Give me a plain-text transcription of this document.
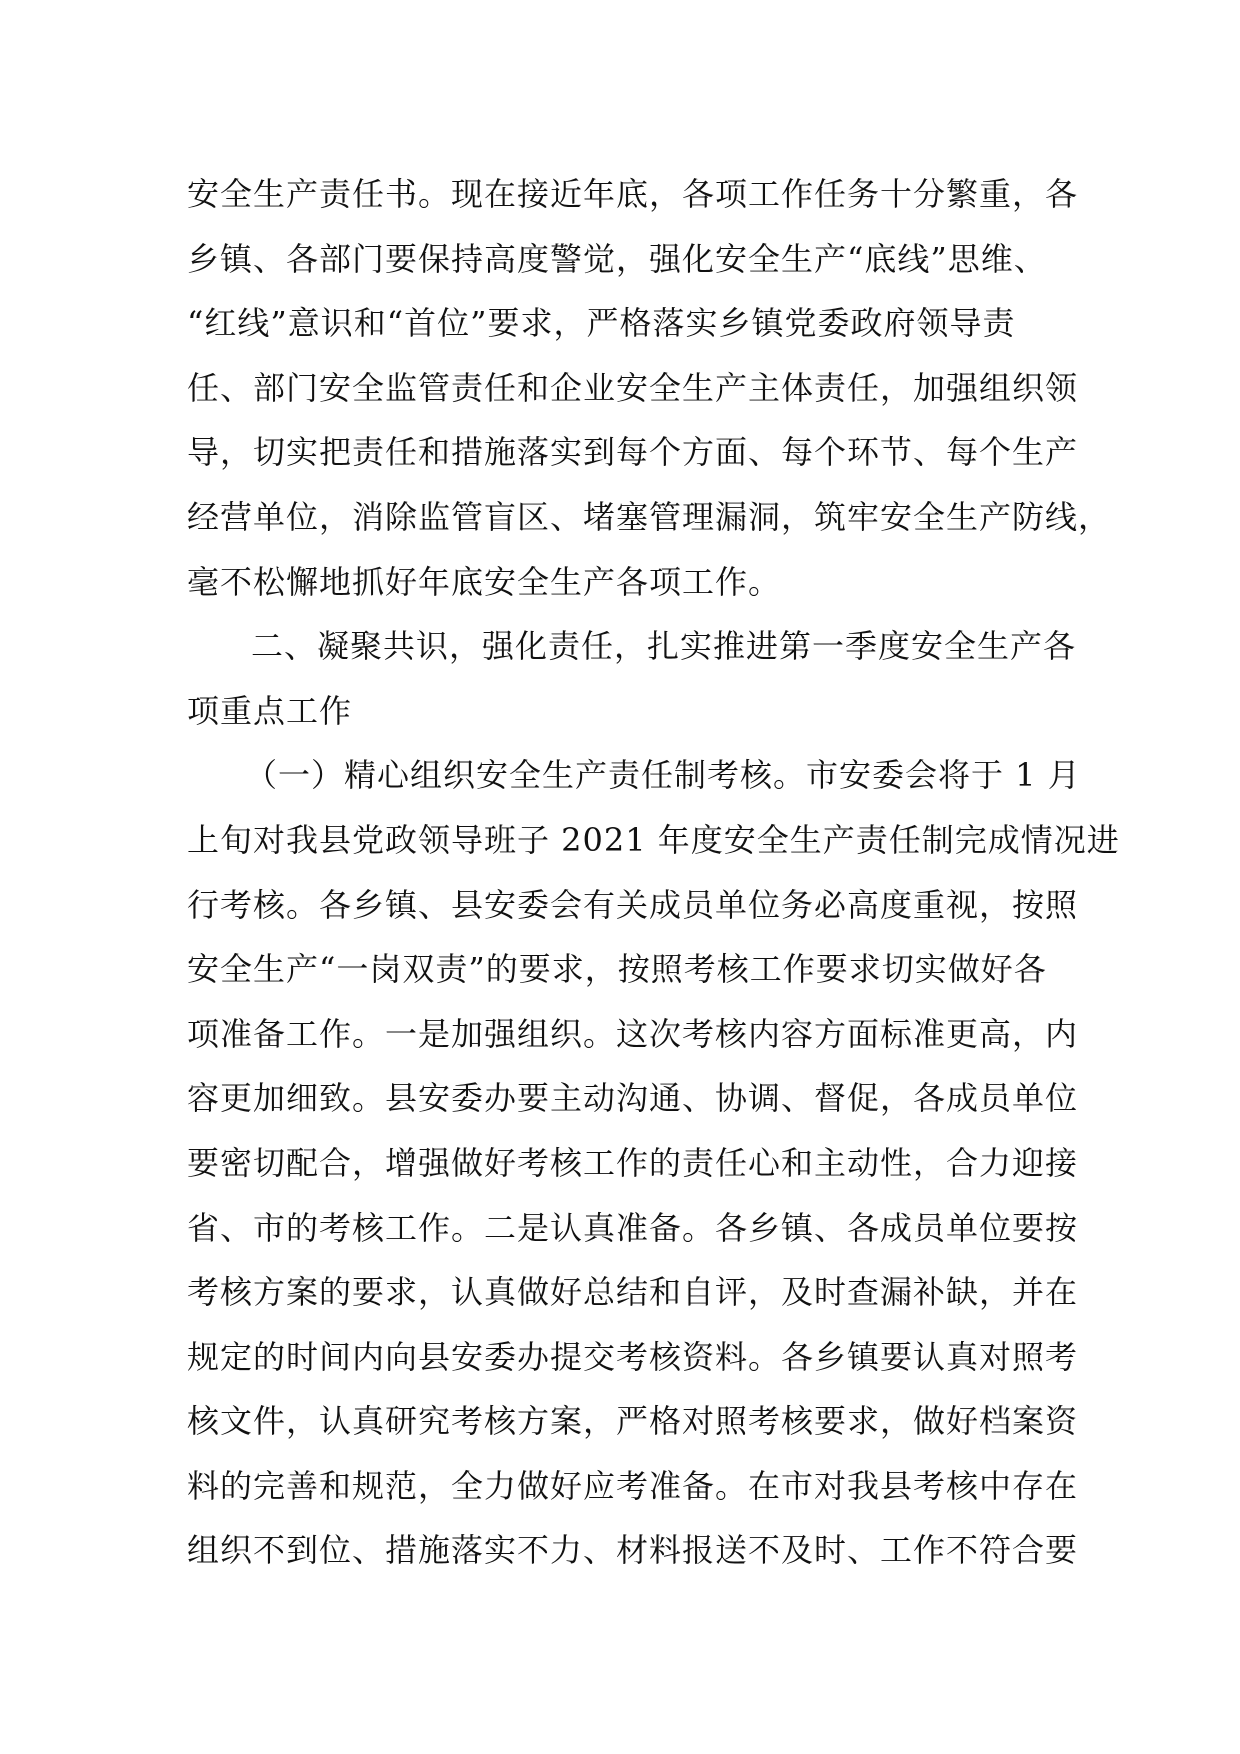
安全生产责任书。现在接近年底，各项工作任务十分繁重，各
乡镇、各部门要保持高度警觉，强化安全生产“底线”思维、
“红线”意识和“首位”要求，严格落实乡镇党委政府领导责
任、部门安全监管责任和企业安全生产主体责任，加强组织领
导，切实把责任和措施落实到每个方面、每个环节、每个生产
经营单位，消除监管盲区、堵塞管理漏洞，筑牢安全生产防线，
毫不松懈地抓好年底安全生产各项工作。
二、凝聚共识，强化责任，扎实推进第一季度安全生产各
项重点工作
（一）精心组织安全生产责任制考核。市安委会将于 1 月
上旬对我县党政领导班子 2021 年度安全生产责任制完成情况进
行考核。各乡镇、县安委会有关成员单位务必高度重视，按照
安全生产“一岗双责”的要求，按照考核工作要求切实做好各
项准备工作。一是加强组织。这次考核内容方面标准更高，内
容更加细致。县安委办要主动沟通、协调、督促，各成员单位
要密切配合，增强做好考核工作的责任心和主动性，合力迎接
省、市的考核工作。二是认真准备。各乡镇、各成员单位要按
考核方案的要求，认真做好总结和自评，及时查漏补缺，并在
规定的时间内向县安委办提交考核资料。各乡镇要认真对照考
核文件，认真研究考核方案，严格对照考核要求，做好档案资
料的完善和规范，全力做好应考准备。在市对我县考核中存在
组织不到位、措施落实不力、材料报送不及时、工作不符合要
